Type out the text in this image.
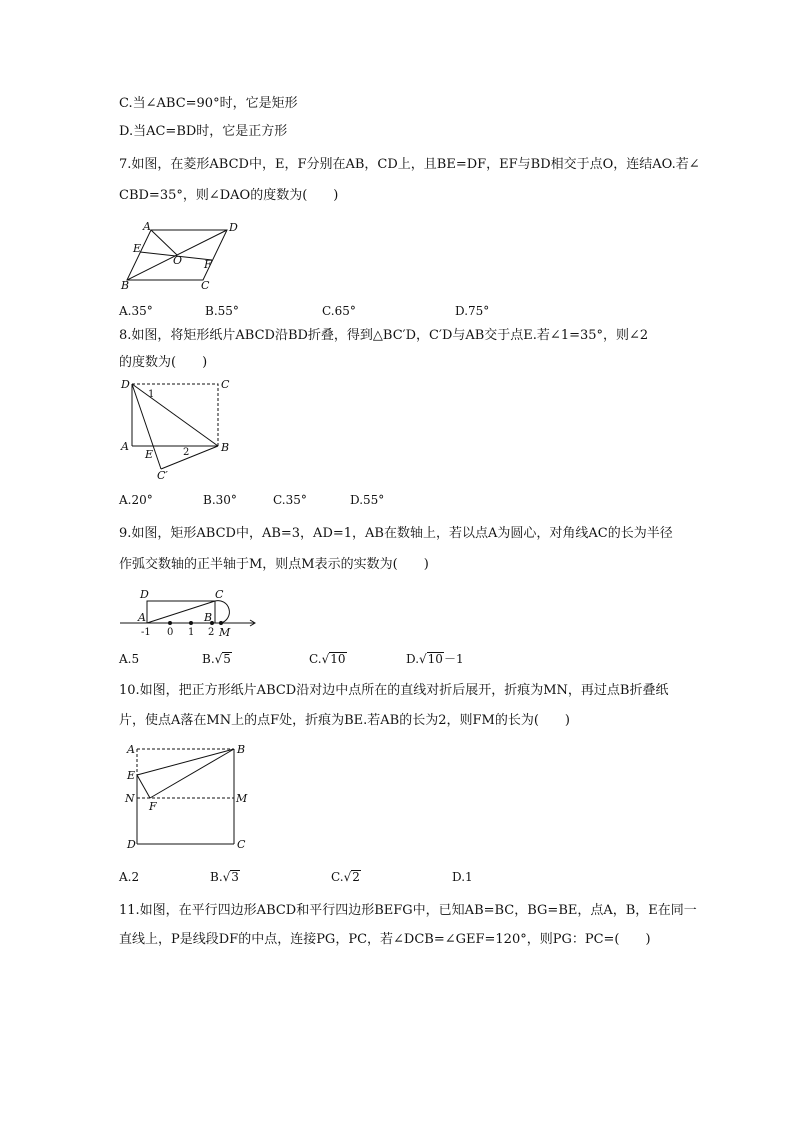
C.当∠ABC=90°时，它是矩形
D.当AC=BD时，它是正方形
7.如图，在菱形ABCD中，E，F分别在AB，CD上，且BE=DF，EF与BD相交于点O，连结AO.若∠
CBD=35°，则∠DAO的度数为(　　)
A	D
E
O F
B	C
A.35°	B.55°	C.65°	D.75°
8.如图，将矩形纸片ABCD沿BD折叠，得到△BC′D，C′D与AB交于点E.若∠1=35°，则∠2
的度数为(　　)
D	C
1
A	B
E	2
C′
A.20°	B.30°	C.35°	D.55°
9.如图，矩形ABCD中，AB=3，AD=1，AB在数轴上，若以点A为圆心，对角线AC的长为半径
作弧交数轴的正半轴于M，则点M表示的实数为(　　)
D	C
A	B
-1 0 1 2 M
A.5	B.√5	C.√10	D.√10－1
10.如图，把正方形纸片ABCD沿对边中点所在的直线对折后展开，折痕为MN，再过点B折叠纸
片，使点A落在MN上的点F处，折痕为BE.若AB的长为2，则FM的长为(　　)
A	B
E
N
F
M
D	C
A.2	B.√3	C.√2	D.1
11.如图，在平行四边形ABCD和平行四边形BEFG中，已知AB=BC，BG=BE，点A，B，E在同一
直线上，P是线段DF的中点，连接PG，PC，若∠DCB=∠GEF=120°，则PG：PC=(　　)
